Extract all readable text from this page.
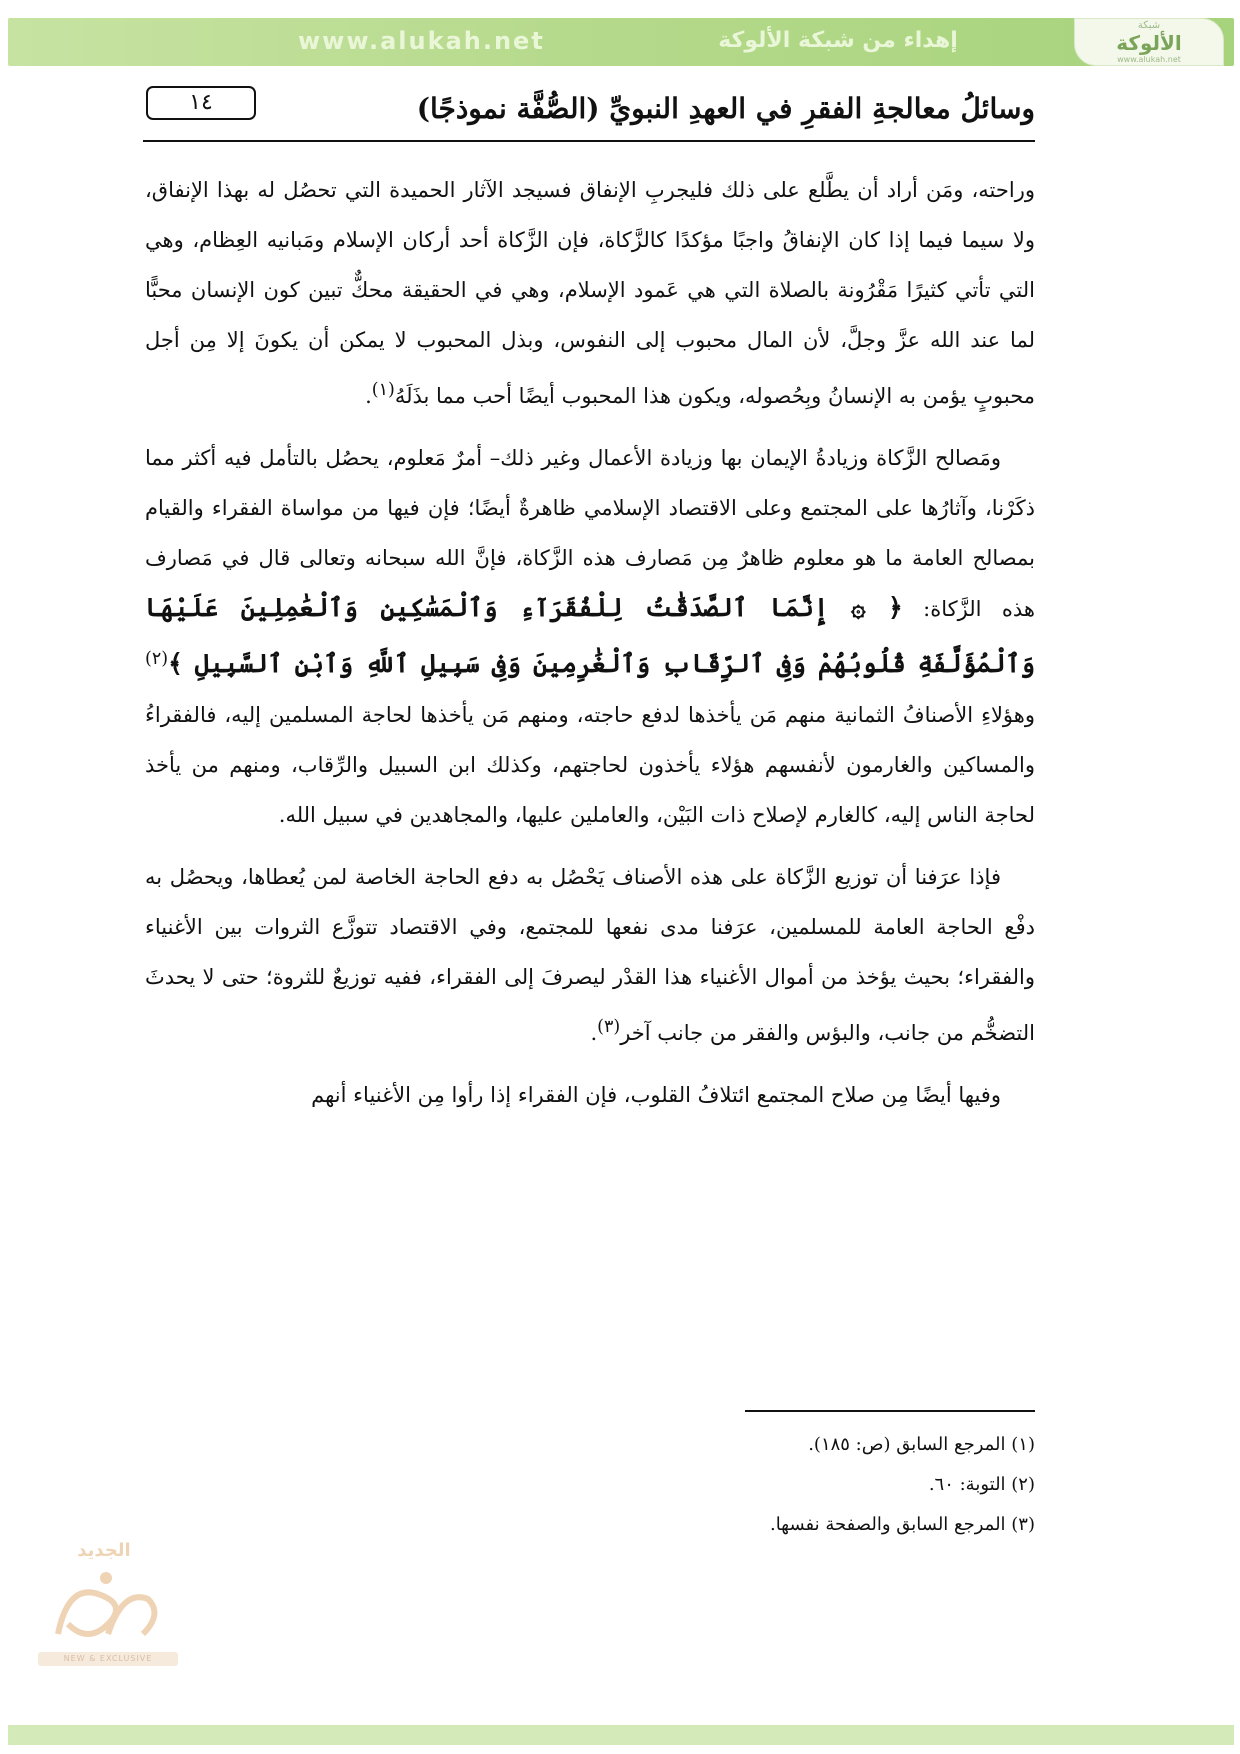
www.alukah.net	إهداء من شبكة الألوكة
شبكة
الألوكة
www.alukah.net
وسائلُ معالجةِ الفقرِ في العهدِ النبويِّ (الصُّفَّة نموذجًا)
١٤

وراحته، ومَن أراد أن يطَّلع على ذلك فليجربِ الإنفاق فسيجد الآثار الحميدة التي تحصُل له بهذا الإنفاق، ولا سيما فيما إذا كان الإنفاقُ واجبًا مؤكدًا كالزَّكاة، فإن الزَّكاة أحد أركان الإسلام ومَبانيه العِظام، وهي التي تأتي كثيرًا مَقْرُونة بالصلاة التي هي عَمود الإسلام، وهي في الحقيقة محكٌّ تبين كون الإنسان محبًّا لما عند الله عزَّ وجلَّ، لأن المال محبوب إلى النفوس، وبذل المحبوب لا يمكن أن يكونَ إلا مِن أجل محبوبٍ يؤمن به الإنسانُ وبِحُصوله، ويكون هذا المحبوب أيضًا أحب مما بذَلَهُ$^{(١)}$.

ومَصالح الزَّكاة وزيادةُ الإيمان بها وزيادة الأعمال وغير ذلك– أمرٌ مَعلوم، يحصُل بالتأمل فيه أكثر مما ذكَرْنا، وآثارُها على المجتمع وعلى الاقتصاد الإسلامي ظاهرةٌ أيضًا؛ فإن فيها من مواساة الفقراء والقيام بمصالح العامة ما هو معلوم ظاهرٌ مِن مَصارف هذه الزَّكاة، فإنَّ الله سبحانه وتعالى قال في مَصارف هذه الزَّكاة: ﴿ ۞ إِنَّمَا ٱلصَّدَقَٰتُ لِلْفُقَرَآءِ وَٱلْمَسَٰكِينِ وَٱلْعَٰمِلِينَ عَلَيْهَا وَٱلْمُؤَلَّفَةِ قُلُوبُهُمْ وَفِى ٱلرِّقَابِ وَٱلْغَٰرِمِينَ وَفِى سَبِيلِ ٱللَّهِ وَٱبْنِ ٱلسَّبِيلِ ﴾$^{(٢)}$ وهؤلاءِ الأصنافُ الثمانية منهم مَن يأخذها لدفع حاجته، ومنهم مَن يأخذها لحاجة المسلمين إليه، فالفقراءُ والمساكين والغارمون لأنفسهم هؤلاء يأخذون لحاجتهم، وكذلك ابن السبيل والرِّقاب، ومنهم من يأخذ لحاجة الناس إليه، كالغارم لإصلاح ذات البَيْن، والعاملين عليها، والمجاهدين في سبيل الله.

فإذا عرَفنا أن توزيع الزَّكاة على هذه الأصناف يَحْصُل به دفع الحاجة الخاصة لمن يُعطاها، ويحصُل به دفْع الحاجة العامة للمسلمين، عرَفنا مدى نفعها للمجتمع، وفي الاقتصاد تتوزَّع الثروات بين الأغنياء والفقراء؛ بحيث يؤخذ من أموال الأغنياء هذا القدْر ليصرفَ إلى الفقراء، ففيه توزيعٌ للثروة؛ حتى لا يحدثَ التضخُّم من جانب، والبؤس والفقر من جانب آخر$^{(٣)}$.

وفيها أيضًا مِن صلاح المجتمع ائتلافُ القلوب، فإن الفقراء إذا رأوا مِن الأغنياء أنهم

(١) المرجع السابق (ص: ١٨٥).

(٢) التوبة: ٦٠.

(٣) المرجع السابق والصفحة نفسها.

الجديد
NEW & EXCLUSIVE
